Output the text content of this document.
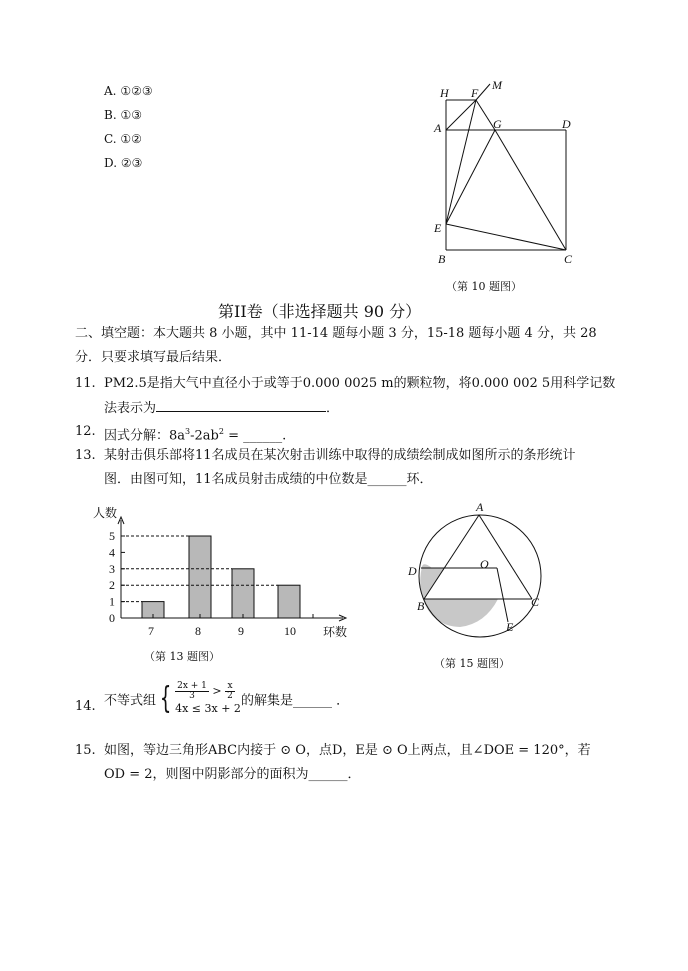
A. ①②③
B. ①③
C. ①②
D. ②③
H F
M
A	G	D
E
B	C
（第 10 题图）
第II卷（非选择题共 90 分）
二、填空题：本大题共 8 小题，其中 11-14 题每小题 3 分，15-18 题每小题 4 分，共 28
分．只要求填写最后结果．
11. PM2.5是指大气中直径小于或等于0.000 0025 m的颗粒物，将0.000 002 5用科学记数
法表示为	．
12. 因式分解：$8a^3-2ab^2$ = ______.
13. 某射击俱乐部将11名成员在某次射击训练中取得的成绩绘制成如图所示的条形统计
图．由图可知，11名成员射击成绩的中位数是______环．
0
1
2
3
4
5
人数
环数
7	8	9	10
（第 13 题图）
A
O
D
B	C
E
（第 15 题图）
14. 不等式组 { $\frac{2x + 1}{3} > \frac{x}{2}$
4x ≤ 3x + 2 的解集是______ ．
15. 如图，等边三角形ABC内接于 ⊙ O，点D，E是 ⊙ O上两点，且∠DOE = 120°，若
OD = 2，则图中阴影部分的面积为______．
